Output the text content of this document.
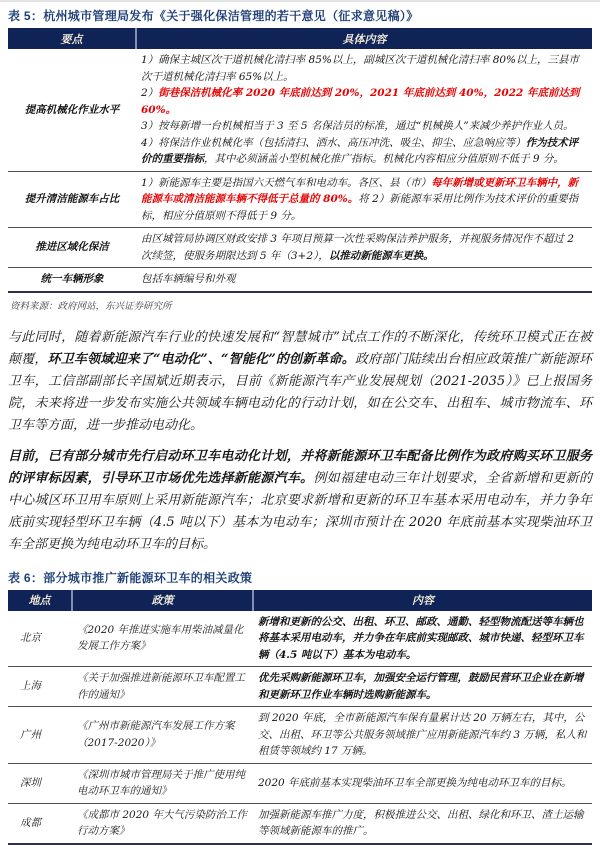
表 5：杭州城市管理局发布《关于强化保洁管理的若干意见（征求意见稿）》
要点	具体内容
提高机械化作业水平	1）确保主城区次干道机械化清扫率 85%以上，副城区次干道机械化清扫率 80%以上，三县市次干道机械化清扫率 65%以上。
2）街巷保洁机械化率 2020 年底前达到 20%，2021 年底前达到 40%，2022 年底前达到 60%。
3）按每新增一台机械相当于 3 至 5 名保洁员的标准，通过“机械换人”来减少养护作业人员。
4）将保洁作业机械化率（包括清扫、洒水、高压冲洗、吸尘、抑尘、应急响应等）作为技术评价的重要指标，其中必须涵盖小型机械化推广指标。机械化内容相应分值原则不低于 9 分。

提升清洁能源车占比	1）新能源车主要是指国六天燃气车和电动车。各区、县（市）每年新增或更新环卫车辆中，新能源车或清洁能源车辆不得低于总量的 80%。将 2）新能源车采用比例作为技术评价的重要指标，相应分值原则不得低于 9 分。

推进区域化保洁	由区城管局协调区财政安排 3 年项目预算一次性采购保洁养护服务，并视服务情况作不超过 2 次续签，使服务期限达到 5 年（3+2），以推动新能源车更换。

统一车辆形象	包括车辆编号和外观
资料来源：政府网站，东兴证券研究所

与此同时，随着新能源汽车行业的快速发展和“智慧城市”试点工作的不断深化，传统环卫模式正在被颠覆，环卫车领域迎来了“电动化”、“智能化”的创新革命。政府部门陆续出台相应政策推广新能源环卫车，工信部副部长辛国斌近期表示，目前《新能源汽车产业发展规划（2021-2035）》已上报国务院，未来将进一步发布实施公共领域车辆电动化的行动计划，如在公交车、出租车、城市物流车、环卫车等方面，进一步推动电动化。

目前，已有部分城市先行启动环卫车电动化计划，并将新能源环卫车配备比例作为政府购买环卫服务的评审标因素，引导环卫市场优先选择新能源汽车。例如福建电动三年计划要求，全省新增和更新的中心城区环卫用车原则上采用新能源汽车；北京要求新增和更新的环卫车基本采用电动车，并力争年底前实现轻型环卫车辆（4.5 吨以下）基本为电动车；深圳市预计在 2020 年底前基本实现柴油环卫车全部更换为纯电动环卫车的目标。

表 6：部分城市推广新能源环卫车的相关政策
地点	政策	内容
北京	《2020 年推进实施车用柴油减量化发展工作方案》	新增和更新的公交、出租、环卫、邮政、通勤、轻型物流配送等车辆也将基本采用电动车，并力争在年底前实现邮政、城市快递、轻型环卫车辆（4.5 吨以下）基本为电动车。
上海	《关于加强推进新能源环卫车配置工作的通知》	优先采购新能源环卫车，加强安全运行管理，鼓励民营环卫企业在新增和更新环卫作业车辆时选购新能源车。
广州	《广州市新能源汽车发展工作方案（2017-2020）》	到 2020 年底，全市新能源汽车保有量累计达 20 万辆左右，其中，公交、出租、环卫等公共服务领域推广应用新能源汽车约 3 万辆，私人和租赁等领域约 17 万辆。
深圳	《深圳市城市管理局关于推广使用纯电动环卫车的通知》	2020 年底前基本实现柴油环卫车全部更换为纯电动环卫车的目标。
成都	《成都市 2020 年大气污染防治工作行动方案》	加强新能源车推广力度，积极推进公交、出租、绿化和环卫、渣土运输等领域新能源车的推广。
